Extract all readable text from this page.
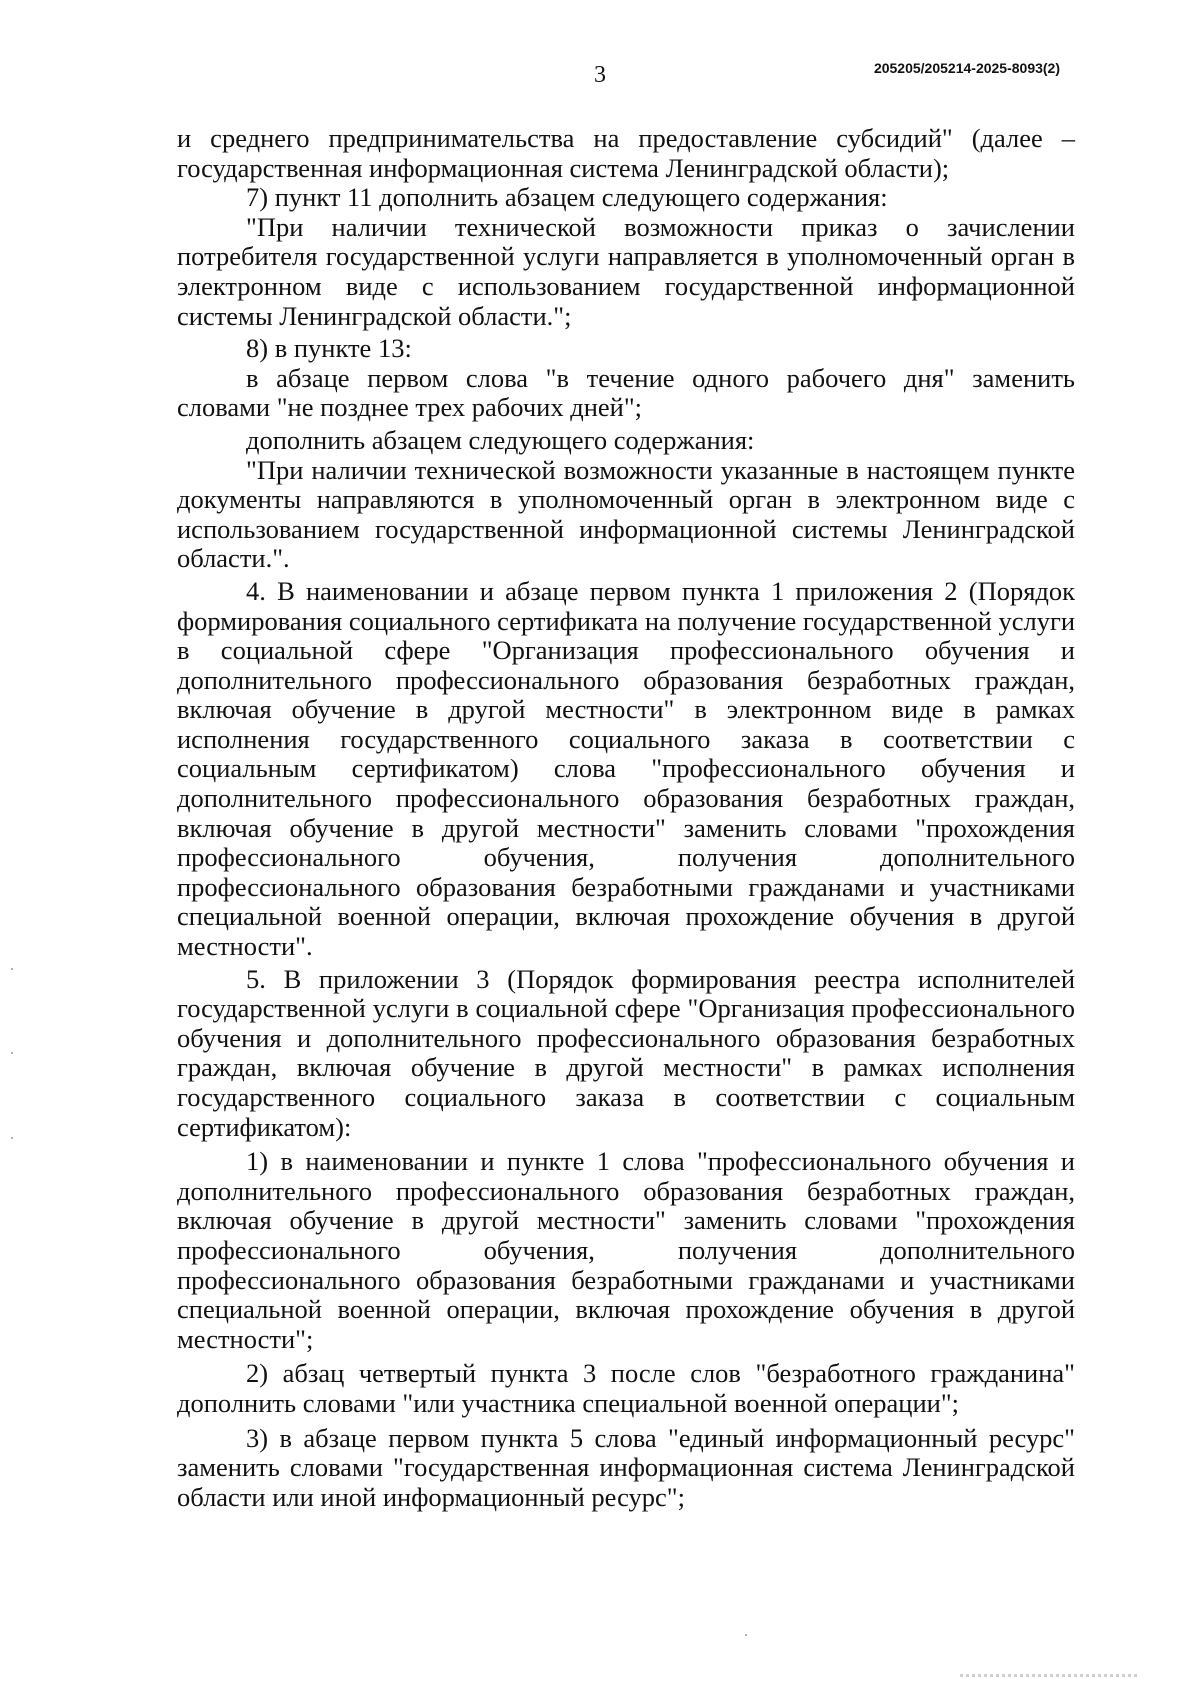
3	205205/205214-2025-8093(2)

и среднего предпринимательства на предоставление субсидий" (далее – государственная информационная система Ленинградской области);

7) пункт 11 дополнить абзацем следующего содержания:

"При наличии технической возможности приказ о зачислении потребителя государственной услуги направляется в уполномоченный орган в электронном виде с использованием государственной информационной системы Ленинградской области.";

8) в пункте 13:

в абзаце первом слова "в течение одного рабочего дня" заменить словами "не позднее трех рабочих дней";

дополнить абзацем следующего содержания:

"При наличии технической возможности указанные в настоящем пункте документы направляются в уполномоченный орган в электронном виде с использованием государственной информационной системы Ленинградской области.".

4. В наименовании и абзаце первом пункта 1 приложения 2 (Порядок формирования социального сертификата на получение государственной услуги в социальной сфере "Организация профессионального обучения и дополнительного профессионального образования безработных граждан, включая обучение в другой местности" в электронном виде в рамках исполнения государственного социального заказа в соответствии с социальным сертификатом) слова "профессионального обучения и дополнительного профессионального образования безработных граждан, включая обучение в другой местности" заменить словами "прохождения профессионального обучения, получения дополнительного профессионального образования безработными гражданами и участниками специальной военной операции, включая прохождение обучения в другой местности".

5. В приложении 3 (Порядок формирования реестра исполнителей государственной услуги в социальной сфере "Организация профессионального обучения и дополнительного профессионального образования безработных граждан, включая обучение в другой местности" в рамках исполнения государственного социального заказа в соответствии с социальным сертификатом):

1) в наименовании и пункте 1 слова "профессионального обучения и дополнительного профессионального образования безработных граждан, включая обучение в другой местности" заменить словами "прохождения профессионального обучения, получения дополнительного профессионального образования безработными гражданами и участниками специальной военной операции, включая прохождение обучения в другой местности";

2) абзац четвертый пункта 3 после слов "безработного гражданина" дополнить словами "или участника специальной военной операции";

3) в абзаце первом пункта 5 слова "единый информационный ресурс" заменить словами "государственная информационная система Ленинградской области или иной информационный ресурс";
